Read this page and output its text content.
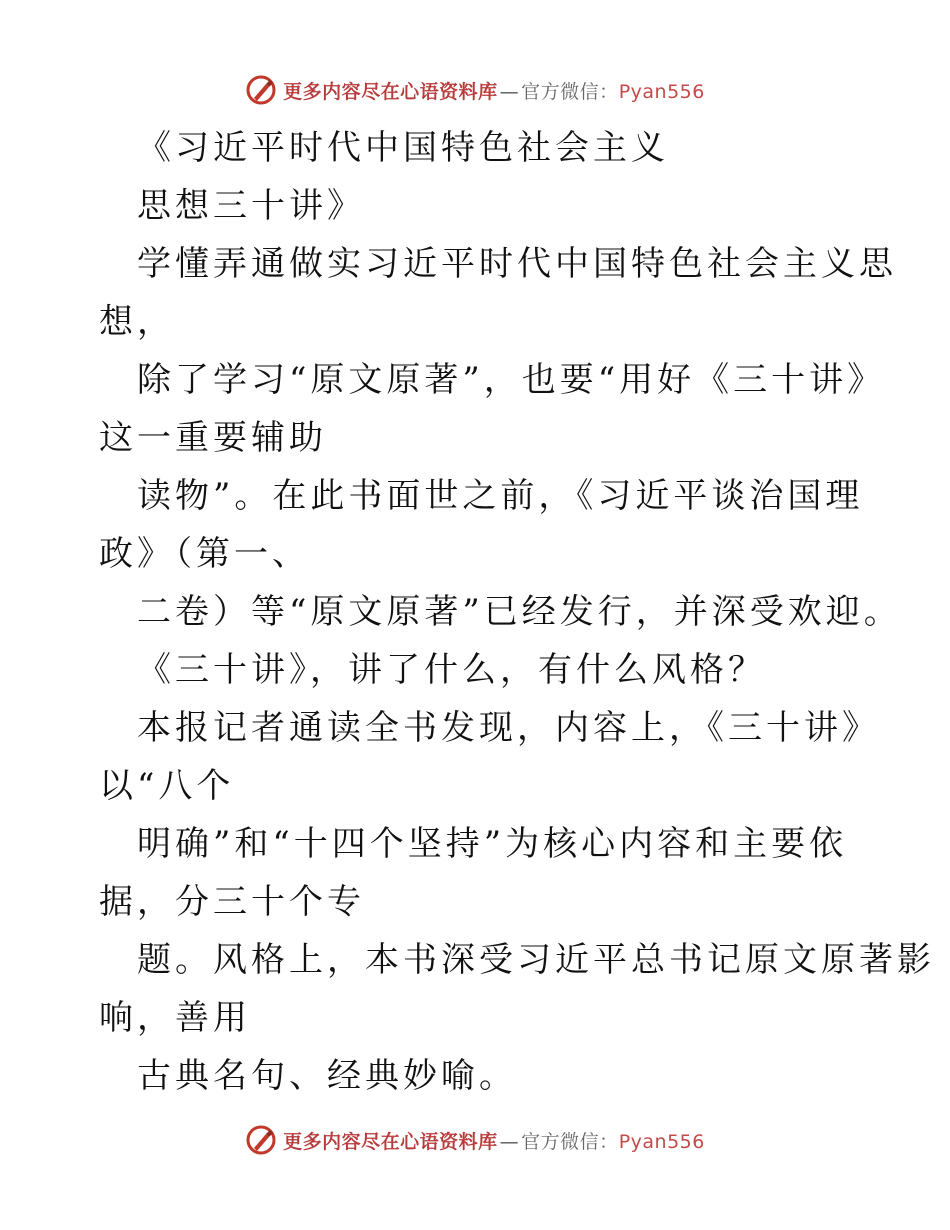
更多内容尽在心语资料库 — 官方微信：Pyan556
《习近平时代中国特色社会主义
思想三十讲》
学懂弄通做实习近平时代中国特色社会主义思
想，
除了学习“原文原著”，也要“用好《三十讲》
这一重要辅助
读物”。在此书面世之前，《习近平谈治国理
政》（第一、
二卷）等“原文原著”已经发行，并深受欢迎。
《三十讲》，讲了什么，有什么风格？
本报记者通读全书发现，内容上，《三十讲》
以“八个
明确”和“十四个坚持”为核心内容和主要依
据，分三十个专
题。风格上，本书深受习近平总书记原文原著影
响，善用
古典名句、经典妙喻。
更多内容尽在心语资料库 — 官方微信：Pyan556
